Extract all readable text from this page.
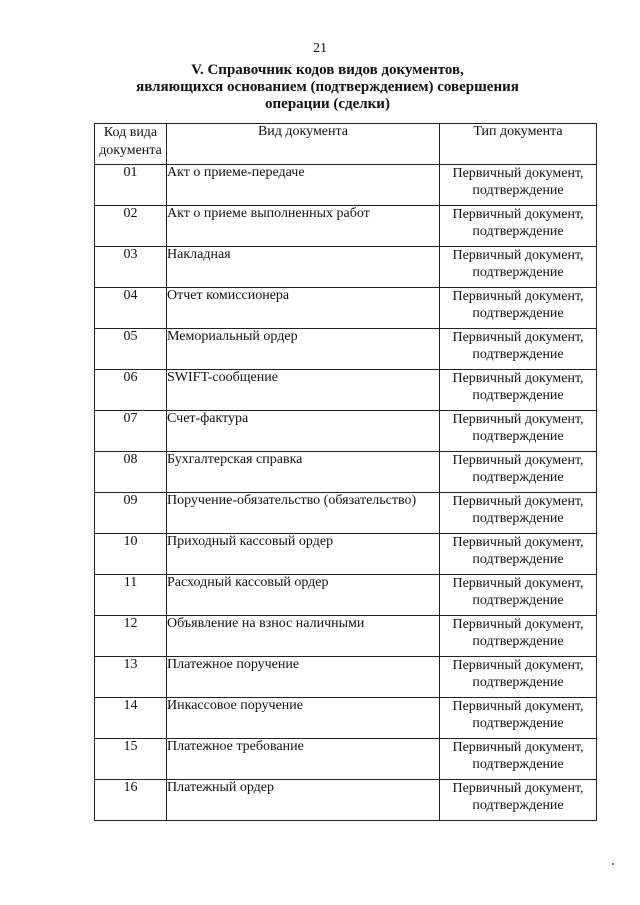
21
V. Справочник кодов видов документов,
являющихся основанием (подтверждением) совершения
операции (сделки)
Код вида
документа	Вид документа	Тип документа
01	Акт о приеме-передаче	Первичный документ,
подтверждение

02	Акт о приеме выполненных работ	Первичный документ,
подтверждение

03	Накладная	Первичный документ,
подтверждение

04	Отчет комиссионера	Первичный документ,
подтверждение

05	Мемориальный ордер	Первичный документ,
подтверждение

06	SWIFT-сообщение	Первичный документ,
подтверждение

07	Счет-фактура	Первичный документ,
подтверждение

08	Бухгалтерская справка	Первичный документ,
подтверждение

09	Поручение-обязательство (обязательство)	Первичный документ,
подтверждение

10	Приходный кассовый ордер	Первичный документ,
подтверждение

11	Расходный кассовый ордер	Первичный документ,
подтверждение

12	Объявление на взнос наличными	Первичный документ,
подтверждение

13	Платежное поручение	Первичный документ,
подтверждение

14	Инкассовое поручение	Первичный документ,
подтверждение

15	Платежное требование	Первичный документ,
подтверждение

16	Платежный ордер	Первичный документ,
подтверждение
